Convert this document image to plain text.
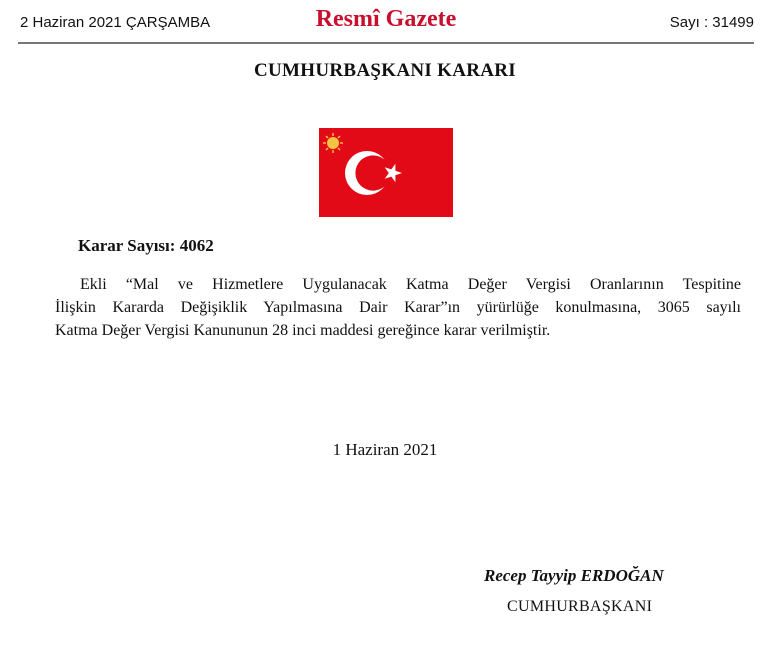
2 Haziran 2021 ÇARŞAMBA	Resmî Gazete	Sayı : 31499
CUMHURBAŞKANI KARARI
Karar Sayısı: 4062
Ekli “Mal ve Hizmetlere Uygulanacak Katma Değer Vergisi Oranlarının Tespitine
İlişkin Kararda Değişiklik Yapılmasına Dair Karar”ın yürürlüğe konulmasına, 3065 sayılı
Katma Değer Vergisi Kanununun 28 inci maddesi gereğince karar verilmiştir.
1 Haziran 2021
Recep Tayyip ERDOĞAN
CUMHURBAŞKANI
